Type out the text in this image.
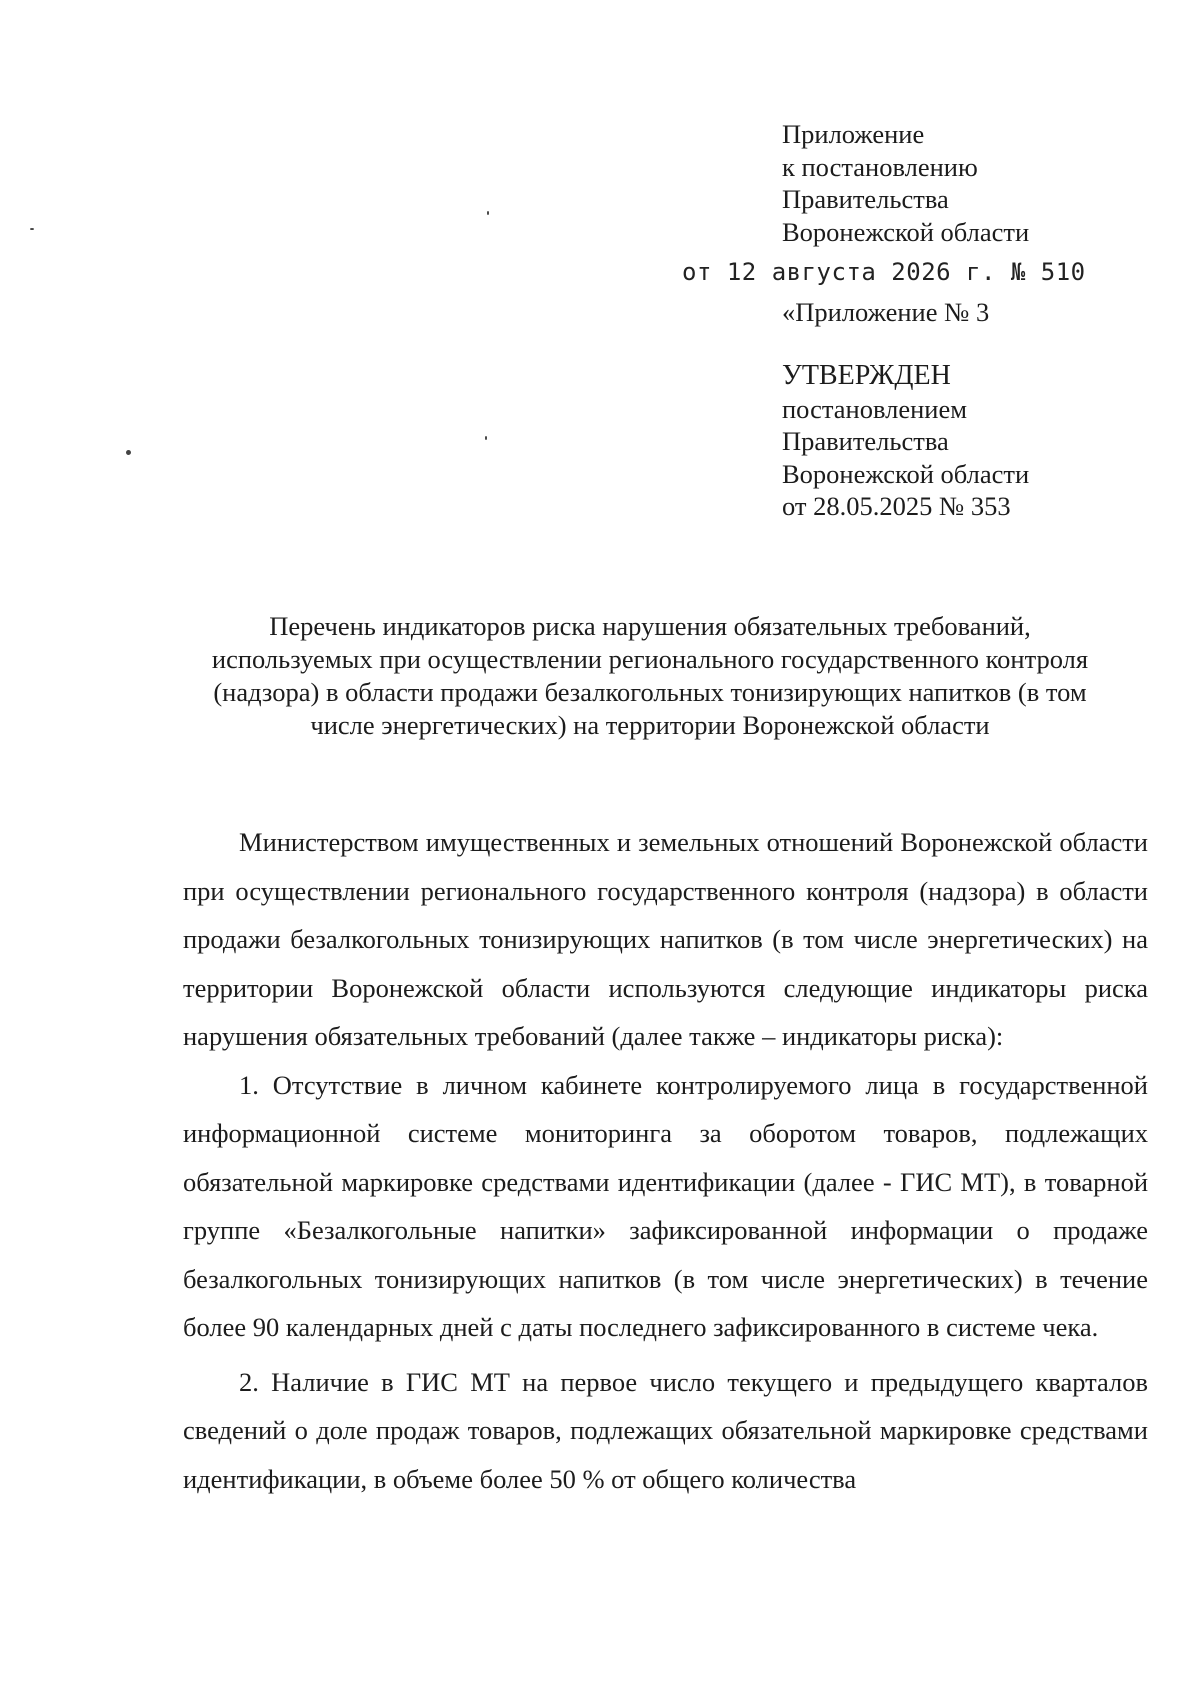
Приложение
к постановлению
Правительства
Воронежской области
от 12 августа 2026 г. № 510
«Приложение № 3
УТВЕРЖДЕН
постановлением
Правительства
Воронежской области
от 28.05.2025 № 353
Перечень индикаторов риска нарушения обязательных требований,
используемых при осуществлении регионального государственного контроля
(надзора) в области продажи безалкогольных тонизирующих напитков (в том
числе энергетических) на территории Воронежской области

Министерством имущественных и земельных отношений Воронежской области при осуществлении регионального государственного контроля (надзора) в области продажи безалкогольных тонизирующих напитков (в том числе энергетических) на территории Воронежской области используются следующие индикаторы риска нарушения обязательных требований (далее также – индикаторы риска):

1. Отсутствие в личном кабинете контролируемого лица в государственной информационной системе мониторинга за оборотом товаров, подлежащих обязательной маркировке средствами идентификации (далее - ГИС МТ), в товарной группе «Безалкогольные напитки» зафиксированной информации о продаже безалкогольных тонизирующих напитков (в том числе энергетических) в течение более 90 календарных дней с даты последнего зафиксированного в системе чека.

2. Наличие в ГИС МТ на первое число текущего и предыдущего кварталов сведений о доле продаж товаров, подлежащих обязательной маркировке средствами идентификации, в объеме более 50 % от общего количества
